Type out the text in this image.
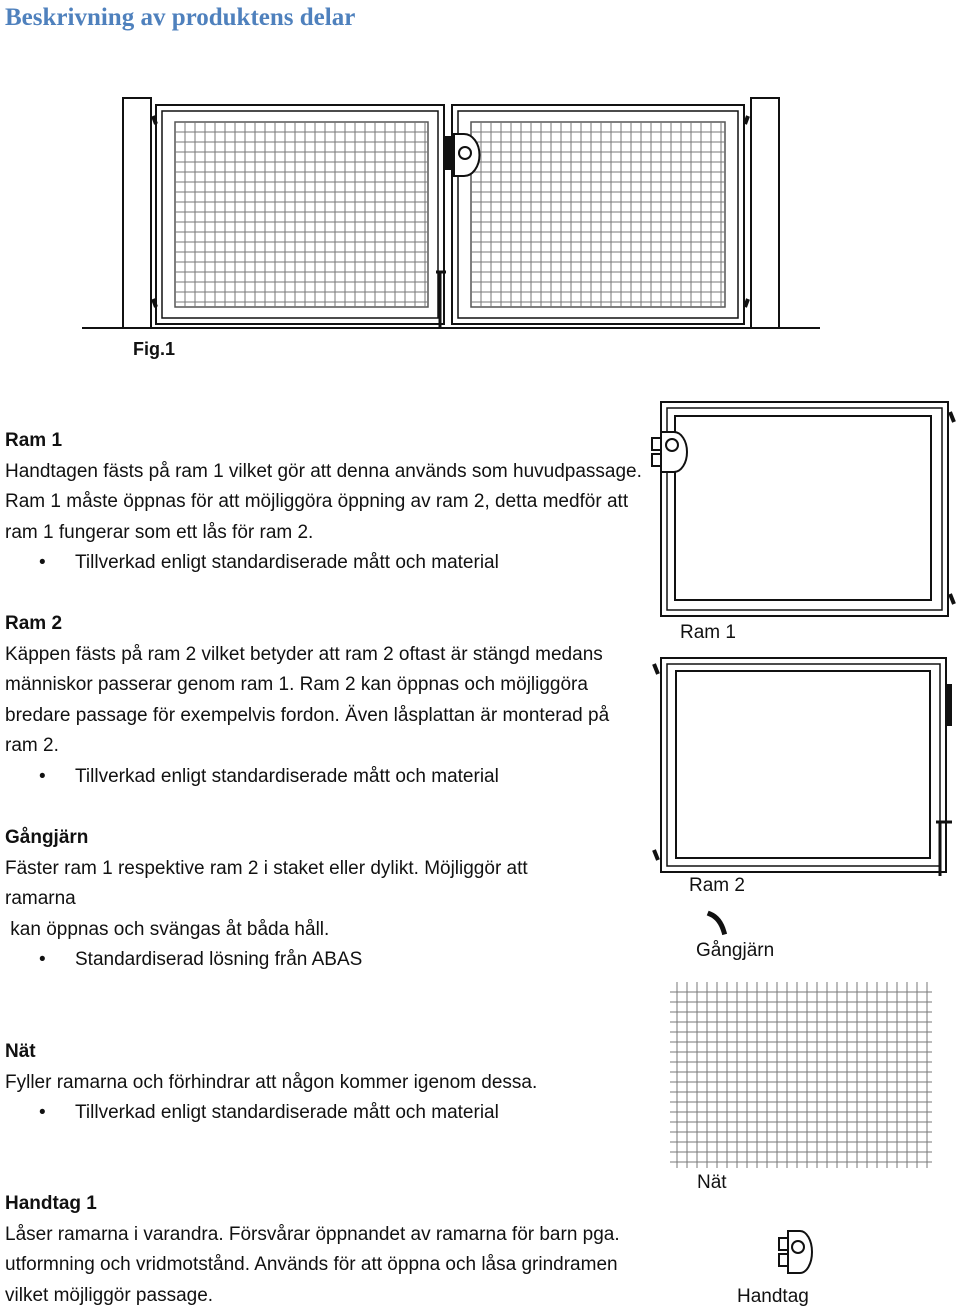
Beskrivning av produktens delar
Fig.1
Ram 1

Handtagen fästs på ram 1 vilket gör att denna används som huvudpassage. Ram 1 måste öppnas för att möjliggöra öppning av ram 2, detta medför att ram 1 fungerar som ett lås för ram 2.

• Tillverkad enligt standardiserade mått och material
Ram 2

Käppen fästs på ram 2 vilket betyder att ram 2 oftast är stängd medans människor passerar genom ram 1. Ram 2 kan öppnas och möjliggöra bredare passage för exempelvis fordon. Även låsplattan är monterad på ram 2.

• Tillverkad enligt standardiserade mått och material
Gångjärn

Fäster ram 1 respektive ram 2 i staket eller dylikt. Möjliggör att ramarna
kan öppnas och svängas åt båda håll.

• Standardiserad lösning från ABAS
Nät

Fyller ramarna och förhindrar att någon kommer igenom dessa.

• Tillverkad enligt standardiserade mått och material
Handtag 1

Låser ramarna i varandra. Försvårar öppnandet av ramarna för barn pga. utformning och vridmotstånd. Används för att öppna och låsa grindramen vilket möjliggör passage.

Ram 1
Ram 2
Gångjärn
Nät
Handtag
